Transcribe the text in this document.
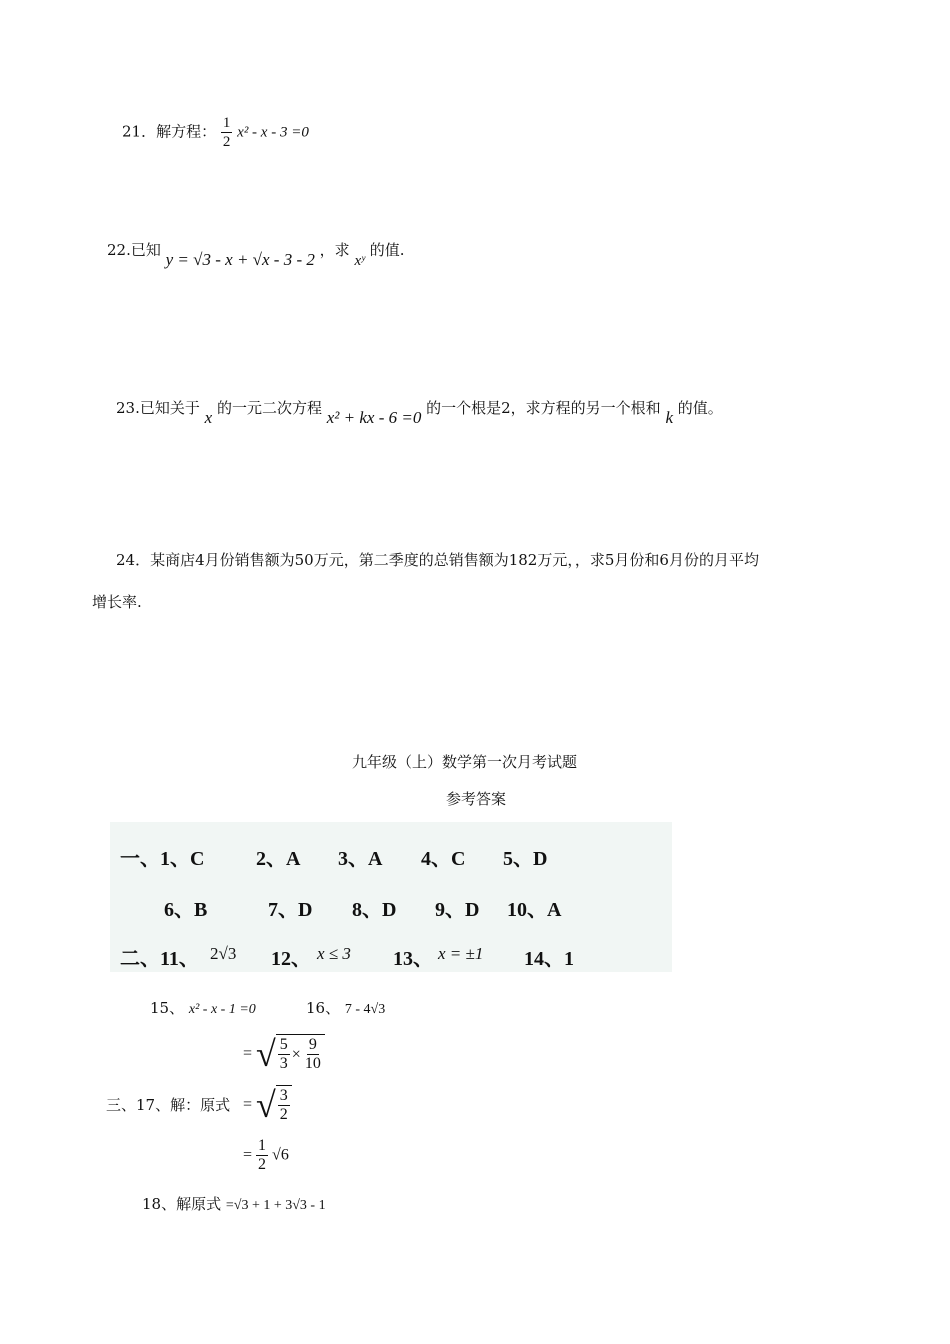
21．解方程： $\frac{1}{2} x^2 - x - 3 =0$
22.已知 y = √3 - x + √x - 3 - 2 ，求 xʸ 的值.
23.已知关于 x 的一元二次方程 x² + kx - 6 =0 的一个根是2，求方程的另一个根和 k 的值。
24．某商店4月份销售额为50万元，第二季度的总销售额为182万元，，求5月份和6月份的月平均
增长率.
九年级（上）数学第一次月考试题
参考答案
一、1、C	2、A 3、A 4、C 5、D
6、B	7、D 8、D 9、D 10、A
二、11、 2√3 12、 x ≤ 3 13、 x = ±1 14、1
15、 x² - x - 1 =0	16、 7 - 4√3
= √ $\frac{5}{3} \times \frac{9}{10}$
三、17、解：原式 = √ $\frac{3}{2}$
= $\frac{1}{2} √6$
18、解原式 =√3 + 1 + 3√3 - 1
